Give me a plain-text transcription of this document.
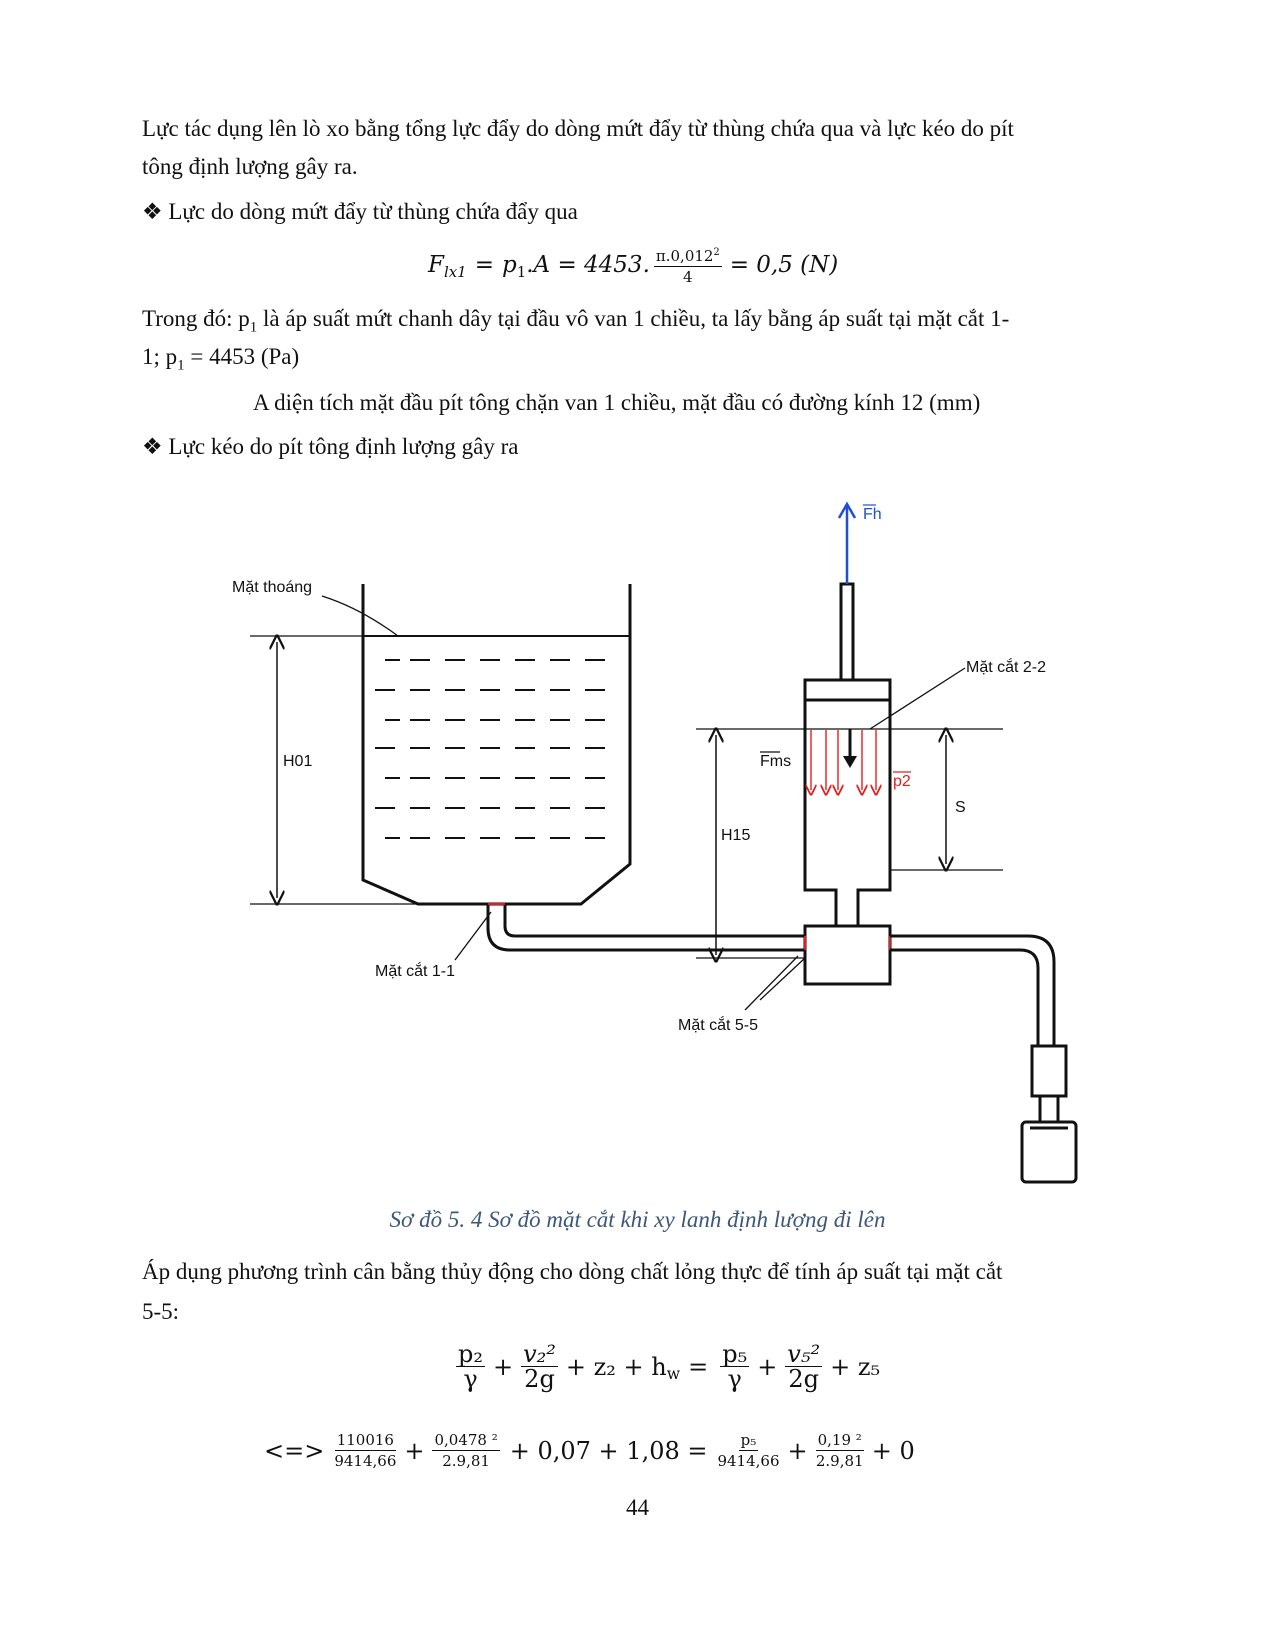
Lực tác dụng lên lò xo bằng tổng lực đẩy do dòng mứt đẩy từ thùng chứa qua và lực kéo do pít
tông định lượng gây ra.
❖ Lực do dòng mứt đẩy từ thùng chứa đẩy qua
$F_{lx1} = p_1$ .A = 4453. $\frac{\pi.0,012^2}{4} = 0,5$ (N)
Trong đó: $p_1$ là áp suất mứt chanh dây tại đầu vô van 1 chiều, ta lấy bằng áp suất tại mặt cắt 1-
1; $p_1 = 4453$ (Pa)
A diện tích mặt đầu pít tông chặn van 1 chiều, mặt đầu có đường kính 12 (mm)
❖ Lực kéo do pít tông định lượng gây ra
H01
Mặt thoáng
Fh
Mặt cắt 2-2
Fms
p2
S
H15
Mặt cắt 1-1
Mặt cắt 5-5
Sơ đồ 5. 4 Sơ đồ mặt cắt khi xy lanh định lượng đi lên
Áp dụng phương trình cân bằng thủy động cho dòng chất lỏng thực để tính áp suất tại mặt cắt
5-5:
$\frac{\text{p₂}}{\gamma} + \frac{\text{v₂²}}{2g} + z_2 + h_w = \frac{\text{p₅}}{\gamma} + \frac{\text{v₅²}}{2g} + z_5$
<=> $\frac{110016}{9414,66} + \frac{\text{0,0478 ²}}{2.9,81} + 0,07 + 1,08 = \frac{\text{p₅}}{9414,66} + \frac{\text{0,19 ²}}{2.9,81} + 0$
44
